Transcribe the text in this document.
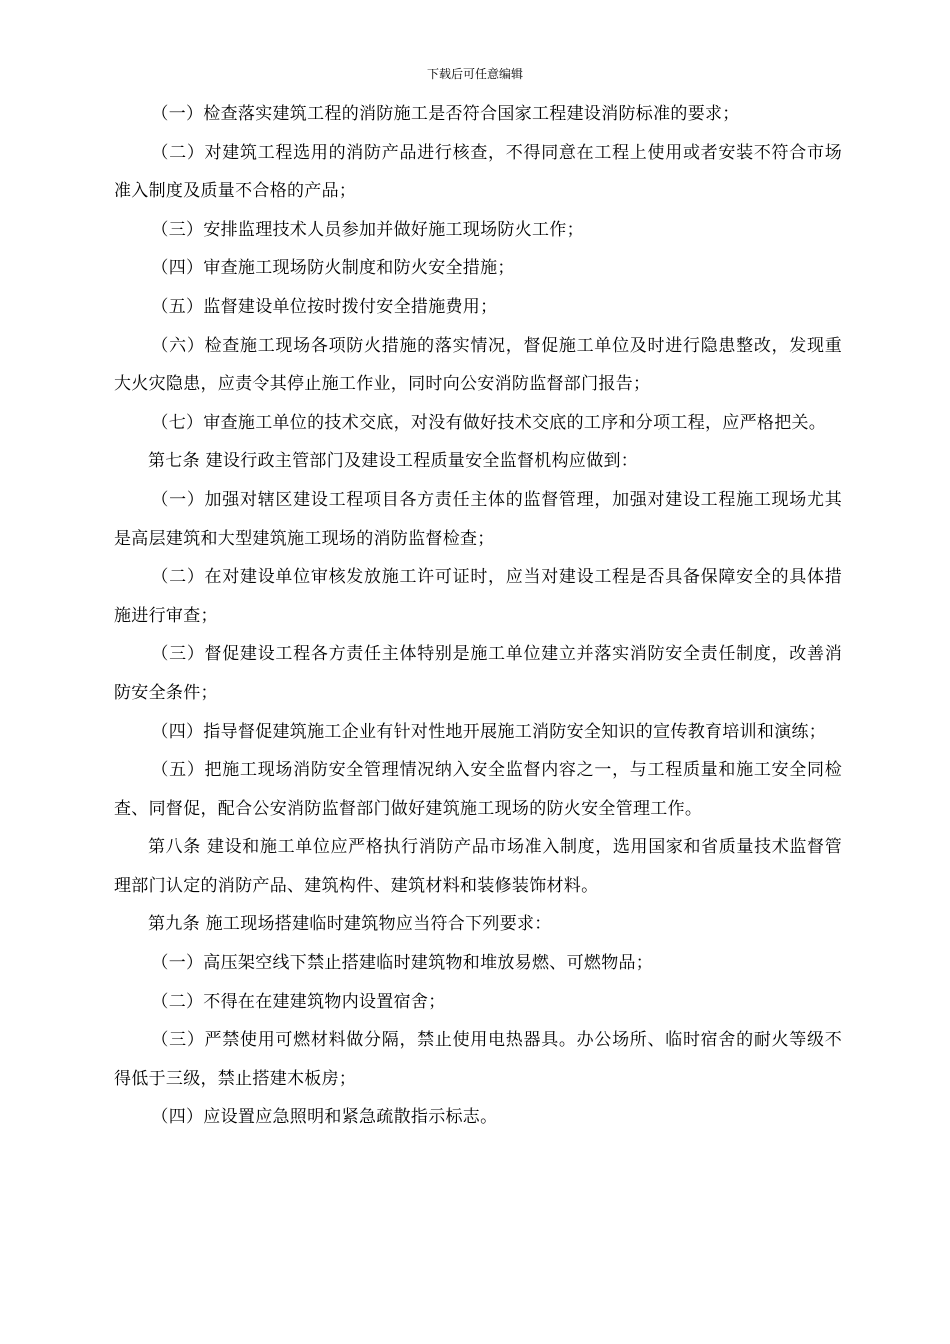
下载后可任意编辑

（一）检查落实建筑工程的消防施工是否符合国家工程建设消防标准的要求；

（二）对建筑工程选用的消防产品进行核查，不得同意在工程上使用或者安装不符合市场准入制度及质量不合格的产品；

（三）安排监理技术人员参加并做好施工现场防火工作；

（四）审查施工现场防火制度和防火安全措施；

（五）监督建设单位按时拨付安全措施费用；

（六）检查施工现场各项防火措施的落实情况，督促施工单位及时进行隐患整改，发现重大火灾隐患，应责令其停止施工作业，同时向公安消防监督部门报告；

（七）审查施工单位的技术交底，对没有做好技术交底的工序和分项工程，应严格把关。

第七条 建设行政主管部门及建设工程质量安全监督机构应做到：

（一）加强对辖区建设工程项目各方责任主体的监督管理，加强对建设工程施工现场尤其是高层建筑和大型建筑施工现场的消防监督检查；

（二）在对建设单位审核发放施工许可证时，应当对建设工程是否具备保障安全的具体措施进行审查；

（三）督促建设工程各方责任主体特别是施工单位建立并落实消防安全责任制度，改善消防安全条件；

（四）指导督促建筑施工企业有针对性地开展施工消防安全知识的宣传教育培训和演练；

（五）把施工现场消防安全管理情况纳入安全监督内容之一，与工程质量和施工安全同检查、同督促，配合公安消防监督部门做好建筑施工现场的防火安全管理工作。

第八条 建设和施工单位应严格执行消防产品市场准入制度，选用国家和省质量技术监督管理部门认定的消防产品、建筑构件、建筑材料和装修装饰材料。

第九条 施工现场搭建临时建筑物应当符合下列要求：

（一）高压架空线下禁止搭建临时建筑物和堆放易燃、可燃物品；

（二）不得在在建建筑物内设置宿舍；

（三）严禁使用可燃材料做分隔，禁止使用电热器具。办公场所、临时宿舍的耐火等级不得低于三级，禁止搭建木板房；

（四）应设置应急照明和紧急疏散指示标志。
